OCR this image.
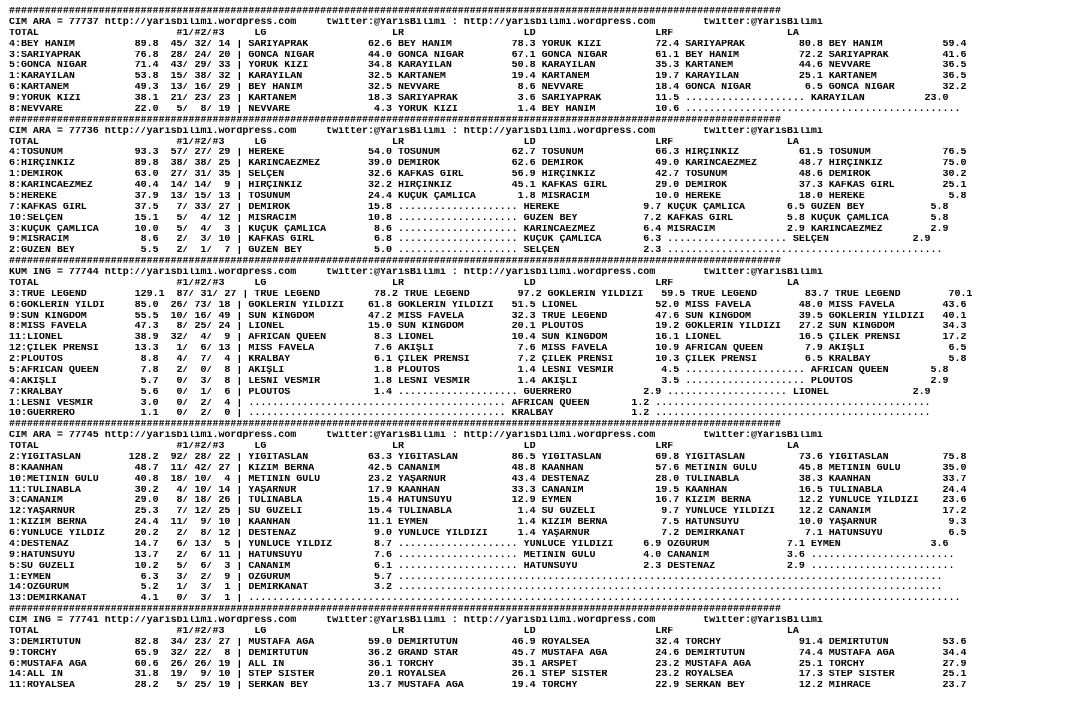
#################################################################################################################################
CIM ARA = 77737 http://yarisbilimi.wordpress.com     twitter:@YarisBilimi : http://yarisbilimi.wordpress.com        twitter:@YarisBilimi
TOTAL                       #1/#2/#3     LG                     LR                    LD                    LRF                   LA
4:BEY HANIM          89.8  45/ 32/ 14 | SARIYAPRAK          62.6 BEY HANIM          78.3 YÖRÜK KIZI         72.4 SARIYAPRAK         80.8 BEY HANIM          59.4
3:SARIYAPRAK         76.8  28/ 24/ 20 | GONCA NIGAR         44.0 GONCA NIGAR        67.1 GONCA NIGAR        61.1 BEY HANIM          72.2 SARIYAPRAK         41.6
5:GONCA NIGAR        71.4  43/ 29/ 33 | YÖRÜK KIZI          34.8 KARAYILAN          50.8 KARAYILAN          35.3 KARTANEM           44.6 NEVVARE            36.5
1:KARAYILAN          53.8  15/ 38/ 32 | KARAYILAN           32.5 KARTANEM           19.4 KARTANEM           19.7 KARAYILAN          25.1 KARTANEM           36.5
6:KARTANEM           49.3  13/ 16/ 29 | BEY HANIM           32.5 NEVVARE             8.6 NEVVARE            18.4 GONCA NIGAR         6.5 GONCA NIGAR        32.2
9:YÖRÜK KIZI         38.1  21/ 23/ 23 | KARTANEM            18.3 SARIYAPRAK          3.6 SARIYAPRAK         11.5 .................... KARAYILAN          23.0
8:NEVVARE            22.0   5/  8/ 19 | NEVVARE              4.3 YÖRÜK KIZI          1.4 BEY HANIM          10.6 ..............................................
#################################################################################################################################
CIM ARA = 77736 http://yarisbilimi.wordpress.com     twitter:@YarisBilimi : http://yarisbilimi.wordpress.com        twitter:@YarisBilimi
TOTAL                       #1/#2/#3     LG                     LR                    LD                    LRF                   LA
4:TOSUNUM            93.3  57/ 27/ 29 | HEREKE              54.0 TOSUNUM            62.7 TOSUNUM            66.3 HIRÇINKIZ          61.5 TOSUNUM            76.5
6:HIRÇINKIZ          89.8  38/ 38/ 25 | KARINCAEZMEZ        39.0 DEMIROK            62.6 DEMIROK            49.0 KARINCAEZMEZ       48.7 HIRÇINKIZ          75.0
1:DEMIROK            63.0  27/ 31/ 35 | SELÇEN              32.6 KAFKAS GIRL        56.9 HIRÇINKIZ          42.7 TOSUNUM            48.6 DEMIROK            30.2
8:KARINCAEZMEZ       40.4  14/ 14/  9 | HIRÇINKIZ           32.2 HIRÇINKIZ          45.1 KAFKAS GIRL        29.0 DEMIROK            37.3 KAFKAS GIRL        25.1
5:HEREKE             37.9  13/ 15/ 13 | TOSUNUM             24.4 KÜÇÜK ÇAMLICA       1.8 MISRACIM           10.0 HEREKE             18.0 HEREKE              5.8
7:KAFKAS GIRL        37.5   7/ 33/ 27 | DEMIROK             15.8 .................... HEREKE              9.7 KÜÇÜK ÇAMLICA       6.5 GÜZEN BEY           5.8
10:SELÇEN            15.1   5/  4/ 12 | MISRACIM            10.8 .................... GÜZEN BEY           7.2 KAFKAS GIRL         5.8 KÜÇÜK ÇAMLICA       5.8
3:KÜÇÜK ÇAMLICA      10.0   5/  4/  3 | KÜÇÜK ÇAMLICA        8.6 .................... KARINCAEZMEZ        6.4 MISRACIM            2.9 KARINCAEZMEZ        2.9
9:MISRACIM            8.6   2/  3/ 10 | KAFKAS GIRL          6.8 .................... KÜÇÜK ÇAMLICA       6.3 .................... SELÇEN              2.9
2:GÜZEN BEY           5.5   2/  1/  7 | GÜZEN BEY            5.0 .................... SELÇEN              2.3 ..............................................
#################################################################################################################################
KUM ING = 77744 http://yarisbilimi.wordpress.com     twitter:@YarisBilimi : http://yarisbilimi.wordpress.com        twitter:@YarisBilimi
TOTAL                       #1/#2/#3     LG                     LR                    LD                    LRF                   LA
3:TRUE LEGEND        129.1  87/ 31/ 27 | TRUE LEGEND         78.2 TRUE LEGEND        97.2 GÖKLERIN YILDIZI   59.5 TRUE LEGEND        83.7 TRUE LEGEND        70.1
6:GÖKLERIN YILDI     85.0  26/ 73/ 18 | GÖKLERIN YILDIZI    61.8 GÖKLERIN YILDIZI   51.5 LIONEL             52.0 MISS FAVELA        48.0 MISS FAVELA        43.6
9:SUN KINGDOM        55.5  10/ 16/ 49 | SUN KINGDOM         47.2 MISS FAVELA        32.3 TRUE LEGEND        47.6 SUN KINGDOM        39.5 GÖKLERIN YILDIZI   40.1
8:MISS FAVELA        47.3   8/ 25/ 24 | LIONEL              15.0 SUN KINGDOM        20.1 PLOUTOS            19.2 GÖKLERIN YILDIZI   27.2 SUN KINGDOM        34.3
11:LIONEL            38.9  32/  4/  9 | AFRICAN QUEEN        8.3 LIONEL             10.4 SUN KINGDOM        16.1 LIONEL             16.5 ÇILEK PRENSI       17.2
12:ÇILEK PRENSI      13.3   1/  6/ 13 | MISS FAVELA          7.6 AKIŞLI              7.6 MISS FAVELA        10.9 AFRICAN QUEEN       7.9 AKIŞLI              6.5
2:PLOUTOS             8.8   4/  7/  4 | KRALBAY              6.1 ÇILEK PRENSI        7.2 ÇILEK PRENSI       10.3 ÇILEK PRENSI        6.5 KRALBAY             5.8
5:AFRICAN QUEEN       7.8   2/  0/  8 | AKIŞLI               1.8 PLOUTOS             1.4 LESNI VESMIR        4.5 .................... AFRICAN QUEEN       5.8
4:AKIŞLI              5.7   0/  3/  8 | LESNI VESMIR         1.8 LESNI VESMIR        1.4 AKIŞLI              3.5 .................... PLOUTOS             2.9
7:KRALBAY             5.6   0/  1/  6 | PLOUTOS              1.4 .................... GUERRERO            2.9 .................... LIONEL              2.9
1:LESNI VESMIR        3.0   0/  2/  4 | ........................................... AFRICAN QUEEN       1.2 ..............................................
10:GUERRERO           1.1   0/  2/  0 | ........................................... KRALBAY             1.2 ..............................................
#################################################################################################################################
CIM ARA = 77745 http://yarisbilimi.wordpress.com     twitter:@YarisBilimi : http://yarisbilimi.wordpress.com        twitter:@YarisBilimi
TOTAL                       #1/#2/#3     LG                     LR                    LD                    LRF                   LA
2:YIĞITASLAN        128.2  92/ 28/ 22 | YIĞITASLAN          63.3 YIĞITASLAN         86.5 YIĞITASLAN         69.8 YIĞITASLAN         73.6 YIĞITASLAN         75.8
8:KAANHAN            48.7  11/ 42/ 27 | KIZIM BERNA         42.5 CANANIM            48.8 KAANHAN            57.6 METININ GÜLÜ       45.8 METININ GÜLÜ       35.0
10:METININ GÜLÜ      40.8  18/ 10/  4 | METININ GÜLÜ        23.2 YAŞARNUR           43.4 DESTENAZ           28.0 TÜLINABLA          38.3 KAANHAN            33.7
11:TÜLINABLA         30.2   4/ 10/ 14 | YAŞARNUR            17.9 KAANHAN            33.3 CANANIM            19.5 KAANHAN            16.5 TÜLINABLA          24.4
3:CANANIM            29.0   8/ 18/ 26 | TÜLINABLA           15.4 HATUNSUYU          12.9 EYMEN              16.7 KIZIM BERNA        12.2 YÜNLÜCE YILDIZI    23.6
12:YAŞARNUR          25.3   7/ 12/ 25 | SU GÜZELI           15.4 TÜLINABLA           1.4 SU GÜZELI           9.7 YÜNLÜCE YILDIZI    12.2 CANANIM            17.2
1:KIZIM BERNA        24.4  11/  9/ 10 | KAANHAN             11.1 EYMEN               1.4 KIZIM BERNA         7.5 HATUNSUYU          10.0 YAŞARNUR            9.3
6:YÜNLÜCE YILDIZ     20.2   2/  8/ 12 | DESTENAZ             9.0 YÜNLÜCE YILDIZI     1.4 YAŞARNUR            7.2 DEMIRKANAT          7.1 HATUNSUYU           6.5
4:DESTENAZ           14.7   6/ 13/  5 | YÜNLÜCE YILDIZ       8.7 .................... YÜNLÜCE YILDIZI     6.9 ÖZGÜRÜM             7.1 EYMEN               3.6
9:HATUNSUYU          13.7   2/  6/ 11 | HATUNSUYU            7.6 .................... METININ GÜLÜ        4.0 CANANIM             3.6 ........................
5:SU GÜZELI          10.2   5/  6/  3 | CANANIM              6.1 .................... HATUNSUYU           2.3 DESTENAZ            2.9 ........................
1:EYMEN               6.3   3/  2/  9 | ÖZGÜRÜM              5.7 ...........................................................................................
14:ÖZGÜRÜM            5.2   1/  3/  1 | DEMIRKANAT           3.2 ...........................................................................................
13:DEMIRKANAT         4.1   0/  3/  1 | .......................................................................................................................
#################################################################################################################################
CIM ING = 77741 http://yarisbilimi.wordpress.com     twitter:@YarisBilimi : http://yarisbilimi.wordpress.com        twitter:@YarisBilimi
TOTAL                       #1/#2/#3     LG                     LR                    LD                    LRF                   LA
3:DEMIRTÜTÜN         82.8  34/ 23/ 27 | MUSTAFA AGA         59.0 DEMIRTÜTÜN         46.9 ROYALSEA           32.4 TORCHY             91.4 DEMIRTÜTÜN         53.6
9:TORCHY             65.9  32/ 22/  8 | DEMIRTÜTÜN          36.2 GRAND STAR         45.7 MUSTAFA AGA        24.6 DEMIRTÜTÜN         74.4 MUSTAFA AGA        34.4
6:MUSTAFA AGA        60.6  26/ 26/ 19 | ALL IN              36.1 TORCHY             35.1 ARSPET             23.2 MUSTAFA AGA        25.1 TORCHY             27.9
14:ALL IN            31.8  19/  9/ 10 | STEP SISTER         20.1 ROYALSEA           26.1 STEP SISTER        23.2 ROYALSEA           17.3 STEP SISTER        25.1
11:ROYALSEA          28.2   5/ 25/ 19 | SERKAN BEY          13.7 MUSTAFA AGA        19.4 TORCHY             22.9 SERKAN BEY         12.2 MIHRACE            23.7
